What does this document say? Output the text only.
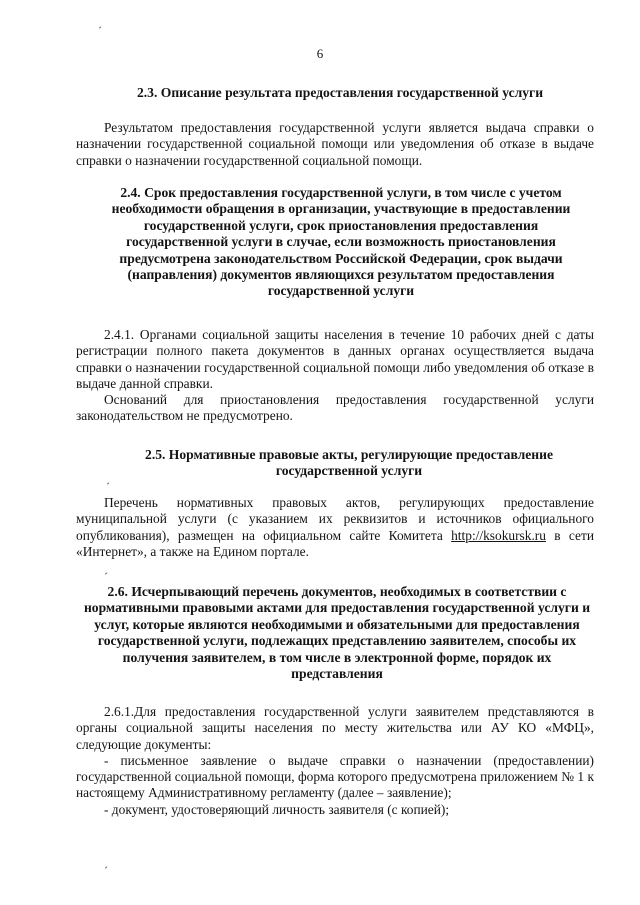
ˊ
6
2.3. Описание результата предоставления государственной услуги

Результатом предоставления государственной услуги является выдача справки о назначении государственной социальной помощи или уведомления об отказе в выдаче справки о назначении государственной социальной помощи.

2.4. Срок предоставления государственной услуги, в том числе с учетом необходимости обращения в организации, участвующие в предоставлении государственной услуги, срок приостановления предоставления государственной услуги в случае, если возможность приостановления предусмотрена законодательством Российской Федерации, срок выдачи (направления) документов являющихся результатом предоставления государственной услуги

2.4.1. Органами социальной защиты населения в течение 10 рабочих дней с даты регистрации полного пакета документов в данных органах осуществляется выдача справки о назначении государственной социальной помощи либо уведомления об отказе в выдаче данной справки.

Оснований для приостановления предоставления государственной услуги законодательством не предусмотрено.

2.5. Нормативные правовые акты, регулирующие предоставление государственной услуги
ˊ

Перечень нормативных правовых актов, регулирующих предоставление муниципальной услуги (с указанием их реквизитов и источников официального опубликования), размещен на официальном сайте Комитета http://ksokursk.ru в сети «Интернет», а также на Едином портале.

ˊ
2.6. Исчерпывающий перечень документов, необходимых в соответствии с нормативными правовыми актами для предоставления государственной услуги и услуг, которые являются необходимыми и обязательными для предоставления государственной услуги, подлежащих представлению заявителем, способы их получения заявителем, в том числе в электронной форме, порядок их представления

2.6.1.Для предоставления государственной услуги заявителем представляются в органы социальной защиты населения по месту жительства или АУ КО «МФЦ», следующие документы:

- письменное заявление о выдаче справки о назначении (предоставлении) государственной социальной помощи, форма которого предусмотрена приложением № 1 к настоящему Административному регламенту (далее – заявление);

- документ, удостоверяющий личность заявителя (с копией);

ˊ
